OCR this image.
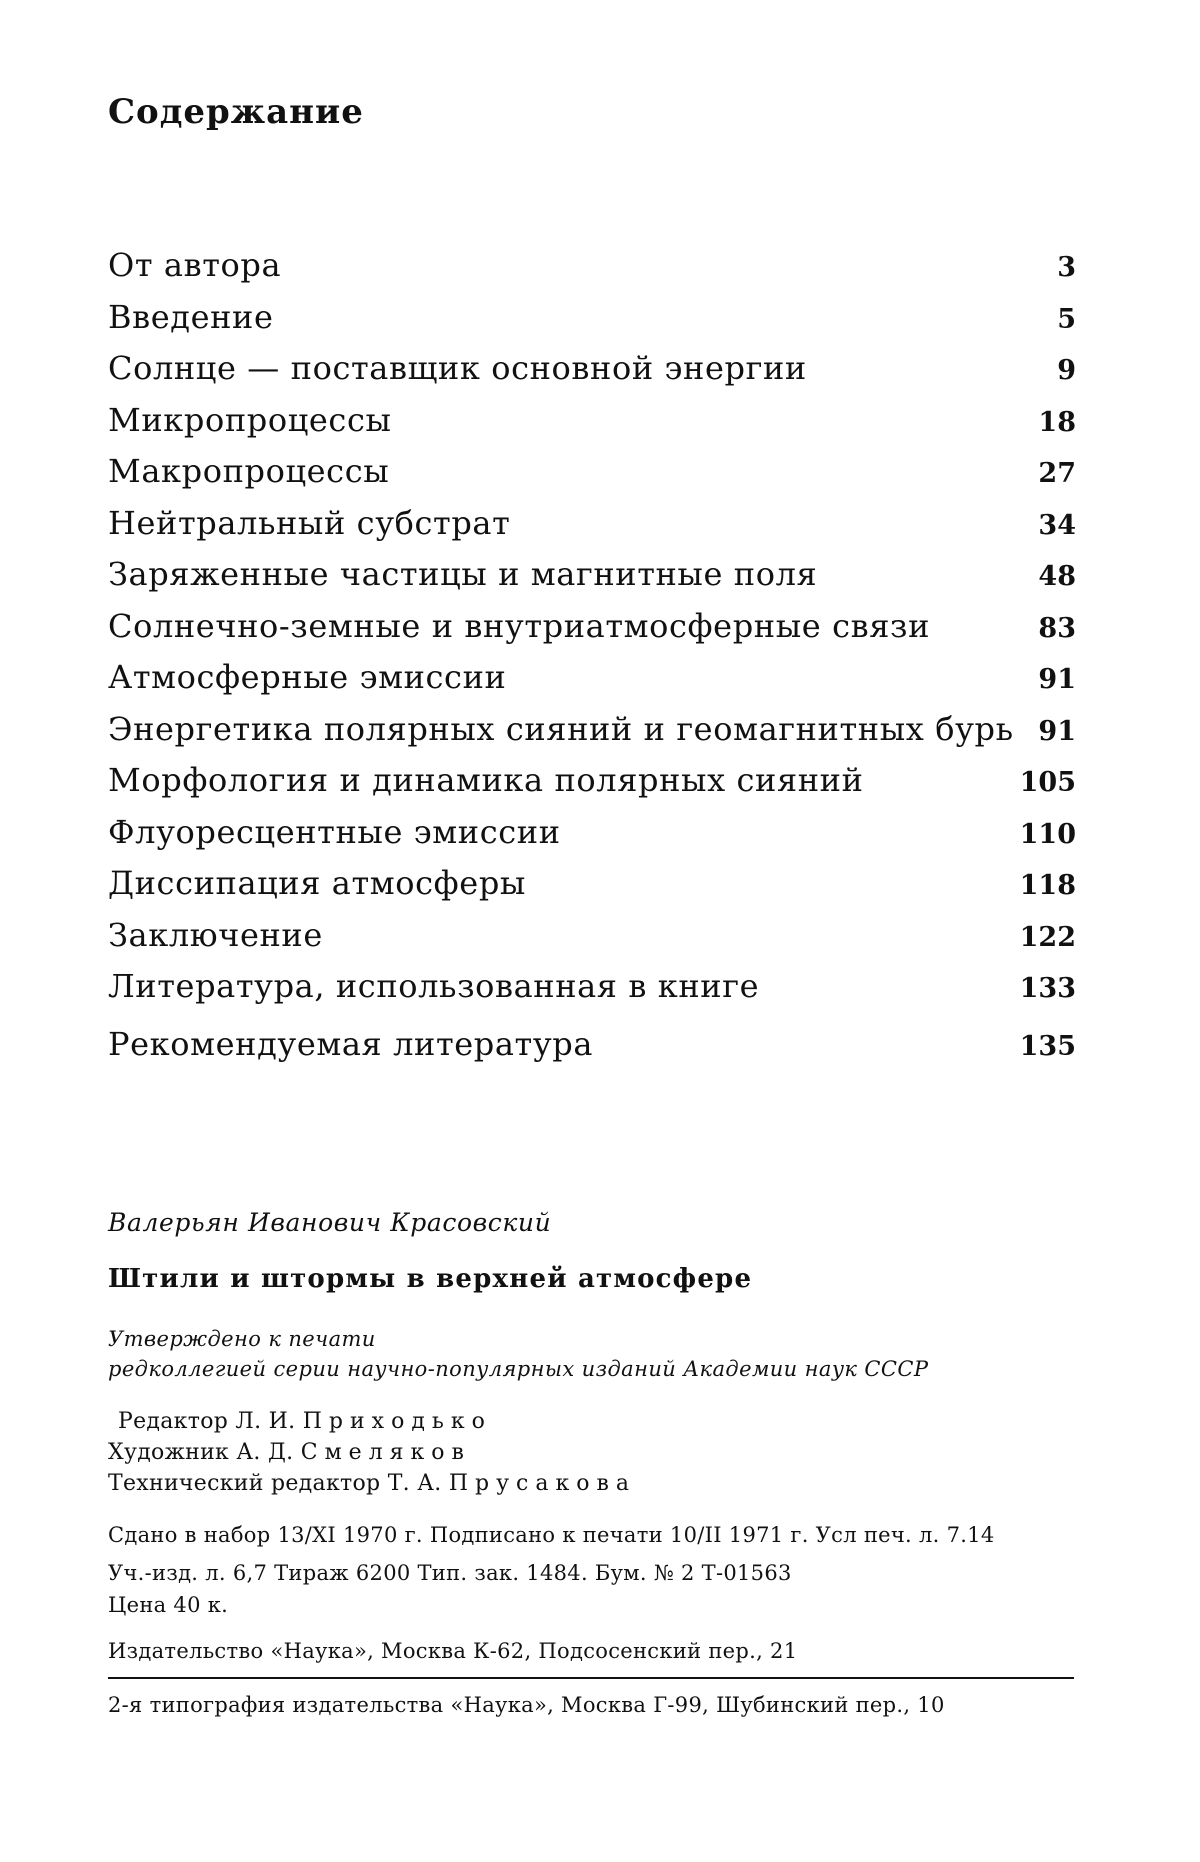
Содержание
От автора	3
Введение	5
Солнце — поставщик основной энергии	9
Микропроцессы	18
Макропроцессы	27
Нейтральный субстрат	34
Заряженные частицы и магнитные поля	48
Солнечно-земные и внутриатмосферные связи	83
Атмосферные эмиссии	91
Энергетика полярных сияний и геомагнитных бурь 91
Морфология и динамика полярных сияний	105
Флуоресцентные эмиссии	110
Диссипация атмосферы	118
Заключение	122
Литература, использованная в книге	133
Рекомендуемая литература	135
Валерьян Иванович Красовский
Штили и штормы в верхней атмосфере
Утверждено к печати
редколлегией серии научно-популярных изданий Академии наук СССР
Редактор Л. И. Приходько
Художник А. Д. Смеляков
Технический редактор Т. А. Прусакова
Сдано в набор 13/XI 1970 г. Подписано к печати 10/II 1971 г. Усл печ. л. 7.14
Уч.-изд. л. 6,7 Тираж 6200 Тип. зак. 1484. Бум. № 2 Т-01563
Цена 40 к.
Издательство «Наука», Москва К-62, Подсосенский пер., 21
2-я типография издательства «Наука», Москва Г-99, Шубинский пер., 10
